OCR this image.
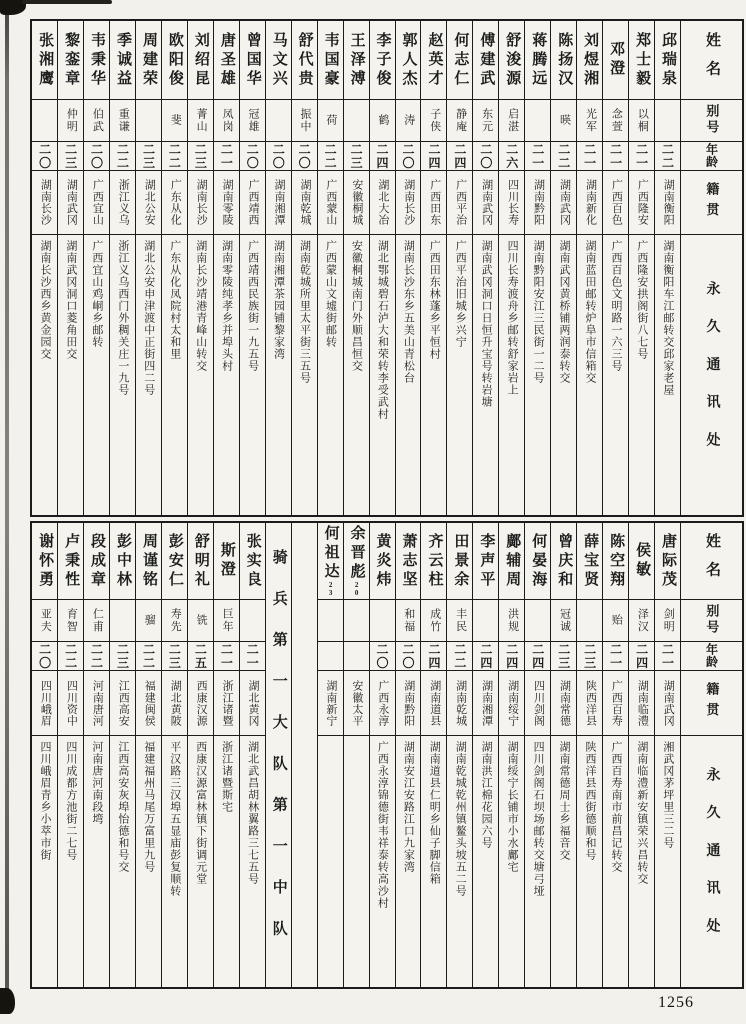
姓名
别号
年龄
籍贯
永久通讯处
邱瑞泉
二二
湖南衡阳
湖南衡阳车江邮转交邱家老屋
郑士毅
以桐
二一
广西隆安
广西隆安拱阁街八七号
邓澄
念萱
二一
广西百色
广西百色文明路一六三号
刘煜湘
光军
二一
湖南新化
湖南蓝田邮转炉阜市信箱交
陈扬汉
暎
二二
湖南武冈
湖南武冈黄桥铺两润泰转交
蒋腾远
二一
湖南黔阳
湖南黔阳安江三民街一二号
舒浚源
启湛
二六
四川长寿
四川长寿渡舟乡邮转舒家岩上
傅建武
东元
二〇
湖南武冈
湖南武冈洞口日恒升宝号转岩塘
何志仁
静庵
二四
广西平治
广西平治旧城乡兴宁
赵英才
子侠
二四
广西田东
广西田东林蓬乡平恒村
郭人杰
涛
二〇
湖南长沙
湖南长沙东乡五美山青松台
李子俊
鹤
二四
湖北大冶
湖北鄂城碧石泸大和荣转李受武村
王泽溥
二三
安徽桐城
安徽桐城南门外顺昌恒交
韦国豪
荷
二二
广西蒙山
广西蒙山文墟街邮转
舒代贵
振中
二〇
湖南乾城
湖南乾城所里太平街三五号
马文兴
二〇
湖南湘潭
湖南湘潭茶园铺黎家湾
曾国华
冠雄
二〇
广西靖西
广西靖西民族街一九五号
唐圣雄
凤岗
二一
湖南零陵
湖南零陵纯孝乡并埠头村
刘绍昆
菁山
二三
湖南长沙
湖南长沙靖港青峰山转交
欧阳俊
斐
二二
广东从化
广东从化凤院村太和里
周建荣
二三
湖北公安
湖北公安申津渡中正街四二号
季诚益
重谦
二二
浙江义乌
浙江义乌西门外稠关庄一九号
韦秉华
伯武
二〇
广西宜山
广西宜山鸡峒乡邮转
黎銮章
仲明
二三
湖南武冈
湖南武冈洞口菱角田交
张湘鹰
二〇
湖南长沙
湖南长沙西乡黄金园交
姓名
别号
年龄
籍贯
永久通讯处
唐际茂
剑明
二一
湖南武冈
湘武冈茅坪里三二号
侯敏
泽汉
二四
湖南临澧
湖南临澧新安镇荣兴昌转交
陈空翔
贻
二一
广西百寿
广西百寿南市前昌记转交
薛宝贤
二三
陕西洋县
陕西洋县西街德顺和号
曾庆和
冠诚
二三
湖南常德
湖南常德周士乡福音交
何晏海
二四
四川剑阁
四川剑阁石坝场邮转交塘弓垭
鄺辅周
洪规
二四
湖南绥宁
湖南绥宁长铺市小水鄺宅
李声平
二四
湖南湘潭
湖南洪江棉花园六号
田景余
丰民
二二
湖南乾城
湖南乾城乾州镇鳌头坡五二号
齐云柱
成竹
二四
湖南道县
湖南道县仁明乡仙子脚信箱
萧志坚
和福
二〇
湖南黔阳
湖南安江安路江口九家湾
黄炎炜
二〇
广西永淳
广西永淳锦德街韦祥泰转高沙村
余晋彪20
安徽太平
何祖达23
湖南新宁
骑兵第一大队第一中队
张实良
二一
湖北黄冈
湖北武昌胡林翼路三七五号
斯澄
巨年
二一
浙江诸暨
浙江诸暨斯宅
舒明礼
铣
二五
西康汉源
西康汉源富林镇下街调元堂
彭安仁
寿先
二三
湖北黄陂
平汉路三汉埠五显庙彭复顺转
周谨铭
骝
二二
福建闽侯
福建福州马尾万富里九号
彭中林
二三
江西高安
江西高安灰埠怡德和号交
段成章
仁甫
二二
河南唐河
河南唐河南段塆
卢秉性
育智
二二
四川资中
四川成都方池街二七号
谢怀勇
亚夫
二〇
四川峨眉
四川峨眉青乡小萃市街
1256
